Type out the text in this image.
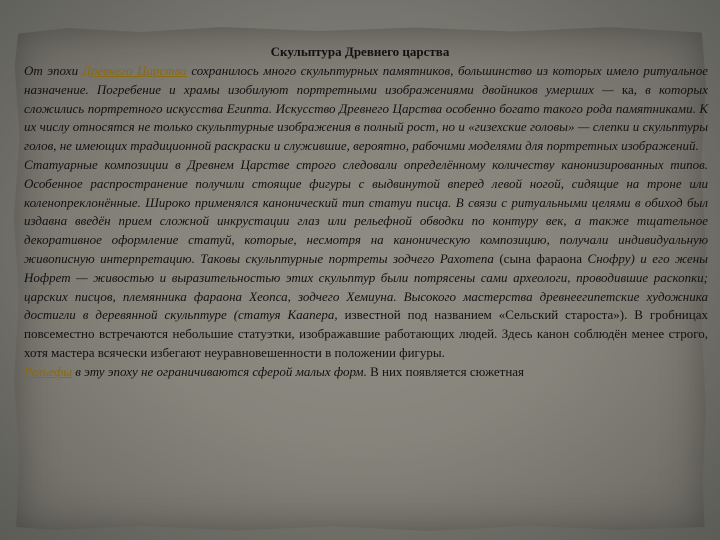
Скульптура Древнего царства

От эпохи Древнего Царства сохранилось много скульптурных памятников, большинство из которых имело ритуальное назначение. Погребение и храмы изобилуют портретными изображениями двойников умерших — ка, в которых сложились портретного искусства Египта. Искусство Древнего Царства особенно богато такого рода памятниками. К их числу относятся не только скульптурные изображения в полный рост, но и «гизехские головы» — слепки и скульптуры голов, не имеющих традиционной раскраски и служившие, вероятно, рабочими моделями для портретных изображений.

Статуарные композиции в Древнем Царстве строго следовали определённому количеству канонизированных типов. Особенное распространение получили стоящие фигуры с выдвинутой вперед левой ногой, сидящие на троне или коленопреклонённые. Широко применялся канонический тип статуи писца. В связи с ритуальными целями в обиход был издавна введён прием сложной инкрустации глаз или рельефной обводки по контуру век, а также тщательное декоративное оформление статуй, которые, несмотря на каноническую композицию, получали индивидуальную живописную интерпретацию. Таковы скульптурные портреты зодчего Рахотепа (сына фараона Снофру) и его жены Нофрет — живостью и выразительностью этих скульптур были потрясены сами археологи, проводившие раскопки; царских писцов, племянника фараона Хеопса, зодчего Хемиуна. Высокого мастерства древнеегипетские художника достигли в деревянной скульптуре (статуя Каапера, известной под названием «Сельский староста»). В гробницах повсеместно встречаются небольшие статуэтки, изображавшие работающих людей. Здесь канон соблюдён менее строго, хотя мастера всячески избегают неуравновешенности в положении фигуры.

Рельефы в эту эпоху не ограничиваются сферой малых форм. В них появляется сюжетная
